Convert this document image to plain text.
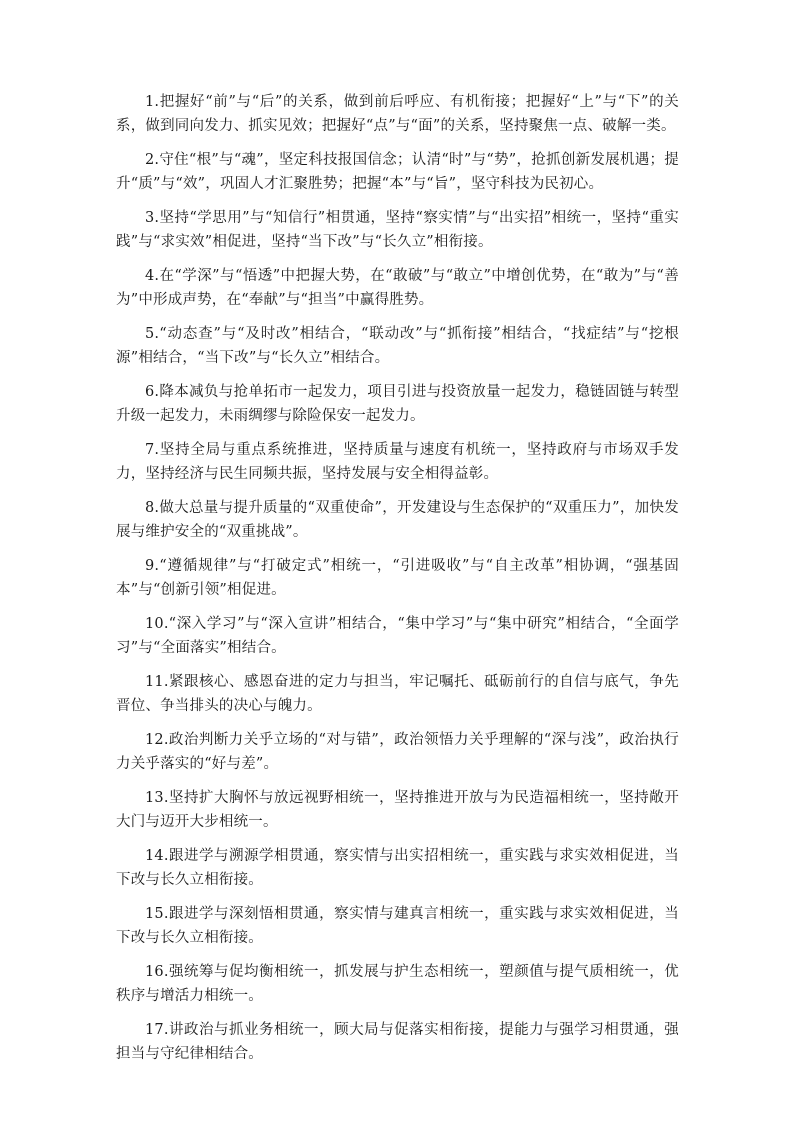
1.把握好“前”与“后”的关系，做到前后呼应、有机衔接；把握好“上”与“下”的关系，做到同向发力、抓实见效；把握好“点”与“面”的关系，坚持聚焦一点、破解一类。

2.守住“根”与“魂”，坚定科技报国信念；认清“时”与“势”，抢抓创新发展机遇；提升“质”与“效”，巩固人才汇聚胜势；把握“本”与“旨”，坚守科技为民初心。

3.坚持“学思用”与“知信行”相贯通，坚持“察实情”与“出实招”相统一，坚持“重实践”与“求实效”相促进，坚持“当下改”与“长久立”相衔接。

4.在“学深”与“悟透”中把握大势，在“敢破”与“敢立”中增创优势，在“敢为”与“善为”中形成声势，在“奉献”与“担当”中赢得胜势。

5.“动态查”与“及时改”相结合，“联动改”与“抓衔接”相结合，“找症结”与“挖根源”相结合，“当下改”与“长久立”相结合。

6.降本减负与抢单拓市一起发力，项目引进与投资放量一起发力，稳链固链与转型升级一起发力，未雨绸缪与除险保安一起发力。

7.坚持全局与重点系统推进，坚持质量与速度有机统一，坚持政府与市场双手发力，坚持经济与民生同频共振，坚持发展与安全相得益彰。

8.做大总量与提升质量的“双重使命”，开发建设与生态保护的“双重压力”，加快发展与维护安全的“双重挑战”。

9.“遵循规律”与“打破定式”相统一，“引进吸收”与“自主改革”相协调，“强基固本”与“创新引领”相促进。

10.“深入学习”与“深入宣讲”相结合，“集中学习”与“集中研究”相结合，“全面学习”与“全面落实”相结合。

11.紧跟核心、感恩奋进的定力与担当，牢记嘱托、砥砺前行的自信与底气，争先晋位、争当排头的决心与魄力。

12.政治判断力关乎立场的“对与错”，政治领悟力关乎理解的“深与浅”，政治执行力关乎落实的“好与差”。

13.坚持扩大胸怀与放远视野相统一，坚持推进开放与为民造福相统一，坚持敞开大门与迈开大步相统一。

14.跟进学与溯源学相贯通，察实情与出实招相统一，重实践与求实效相促进，当下改与长久立相衔接。

15.跟进学与深刻悟相贯通，察实情与建真言相统一，重实践与求实效相促进，当下改与长久立相衔接。

16.强统筹与促均衡相统一，抓发展与护生态相统一，塑颜值与提气质相统一，优秩序与增活力相统一。

17.讲政治与抓业务相统一，顾大局与促落实相衔接，提能力与强学习相贯通，强担当与守纪律相结合。
